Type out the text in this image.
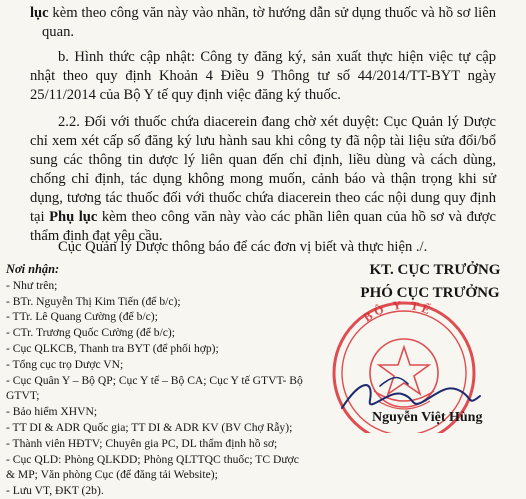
lục kèm theo công văn này vào nhãn, tờ hướng dẫn sử dụng thuốc và hồ sơ liên
quan.
b. Hình thức cập nhật: Công ty đăng ký, sản xuất thực hiện việc tự cập
nhật theo quy định Khoản 4 Điều 9 Thông tư số 44/2014/TT-BYT ngày
25/11/2014 của Bộ Y tế quy định việc đăng ký thuốc.
2.2. Đối với thuốc chứa diacerein đang chờ xét duyệt: Cục Quản lý Dược
chỉ xem xét cấp số đăng ký lưu hành sau khi công ty đã nộp tài liệu sửa đổi/bổ
sung các thông tin dược lý liên quan đến chỉ định, liều dùng và cách dùng,
chống chỉ định, tác dụng không mong muốn, cảnh báo và thận trọng khi sử
dụng, tương tác thuốc đối với thuốc chứa diacerein theo các nội dung quy định
tại Phụ lục kèm theo công văn này vào các phần liên quan của hồ sơ và được
thẩm định đạt yêu cầu.
Cục Quản lý Dược thông báo để các đơn vị biết và thực hiện ./.
Nơi nhận:
- Như trên;
- BTr. Nguyễn Thị Kim Tiến (để b/c);
- TTr. Lê Quang Cường (để b/c);
- CTr. Trương Quốc Cường (để b/c);
- Cục QLKCB, Thanh tra BYT (để phối hợp);
- Tổng cục trọ Dược VN;
- Cục Quân Y – Bộ QP; Cục Y tế – Bộ CA; Cục Y tế GTVT- Bộ
GTVT;
- Bảo hiểm XHVN;
- TT DI & ADR Quốc gia; TT DI & ADR KV (BV Chợ Rẫy);
- Thành viên HĐTV; Chuyên gia PC, DL thẩm định hồ sơ;
- Cục QLD: Phòng QLKDD; Phòng QLTTQC thuốc; TC Dược
& MP; Văn phòng Cục (để đăng tải Website);
- Lưu VT, ĐKT (2b).
KT. CỤC TRƯỞNG
PHÓ CỤC TRƯỞNG
BỘ Y TẾ
Nguyễn Việt Hùng
